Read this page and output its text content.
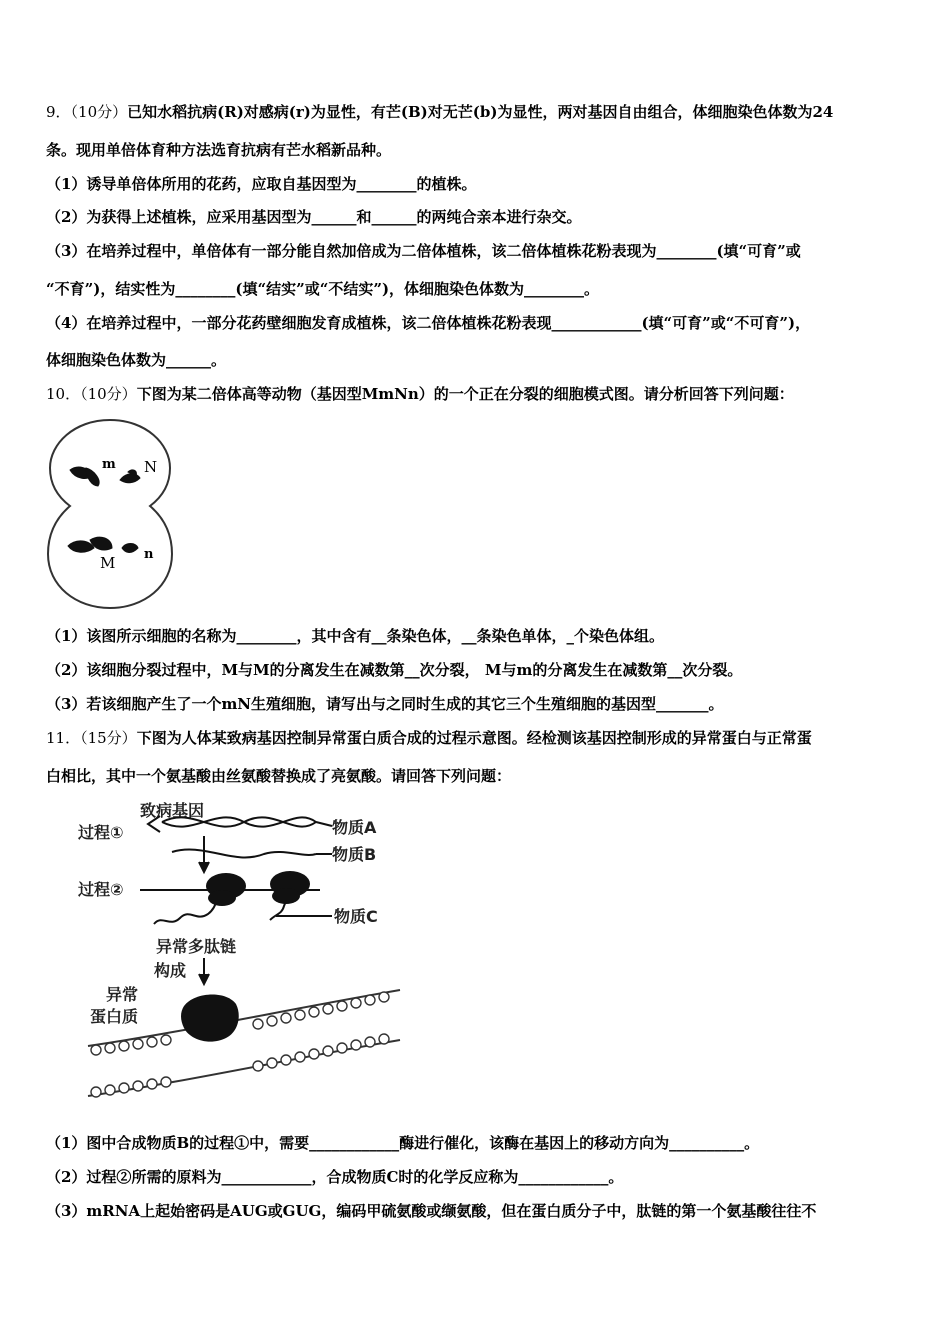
9．（10分）已知水稻抗病(R)对感病(r)为显性，有芒(B)对无芒(b)为显性，两对基因自由组合，体细胞染色体数为24
条。现用单倍体育种方法选育抗病有芒水稻新品种。
（1）诱导单倍体所用的花药，应取自基因型为________的植株。
（2）为获得上述植株，应采用基因型为______和______的两纯合亲本进行杂交。
（3）在培养过程中，单倍体有一部分能自然加倍成为二倍体植株，该二倍体植株花粉表现为________(填“可育”或
“不育”)，结实性为________(填“结实”或“不结实”)，体细胞染色体数为________。
（4）在培养过程中，一部分花药壁细胞发育成植株，该二倍体植株花粉表现____________(填“可育”或“不可育”)，
体细胞染色体数为______。
10．（10分）下图为某二倍体高等动物（基因型MmNn）的一个正在分裂的细胞模式图。请分析回答下列问题：
m N
M n
（1）该图所示细胞的名称为________，其中含有__条染色体，__条染色单体，_个染色体组。
（2）该细胞分裂过程中，M与M的分离发生在减数第__次分裂， M与m的分离发生在减数第__次分裂。
（3）若该细胞产生了一个mN生殖细胞，请写出与之同时生成的其它三个生殖细胞的基因型_______。
11．（15分）下图为人体某致病基因控制异常蛋白质合成的过程示意图。经检测该基因控制形成的异常蛋白与正常蛋
白相比，其中一个氨基酸由丝氨酸替换成了亮氨酸。请回答下列问题：
致病基因
过程①	物质A
物质B
过程②
物质C
异常多肽链
构成
异常
蛋白质
（1）图中合成物质B的过程①中，需要____________酶进行催化，该酶在基因上的移动方向为__________。
（2）过程②所需的原料为____________，合成物质C时的化学反应称为____________。
（3）mRNA上起始密码是AUG或GUG，编码甲硫氨酸或缬氨酸，但在蛋白质分子中，肽链的第一个氨基酸往往不
